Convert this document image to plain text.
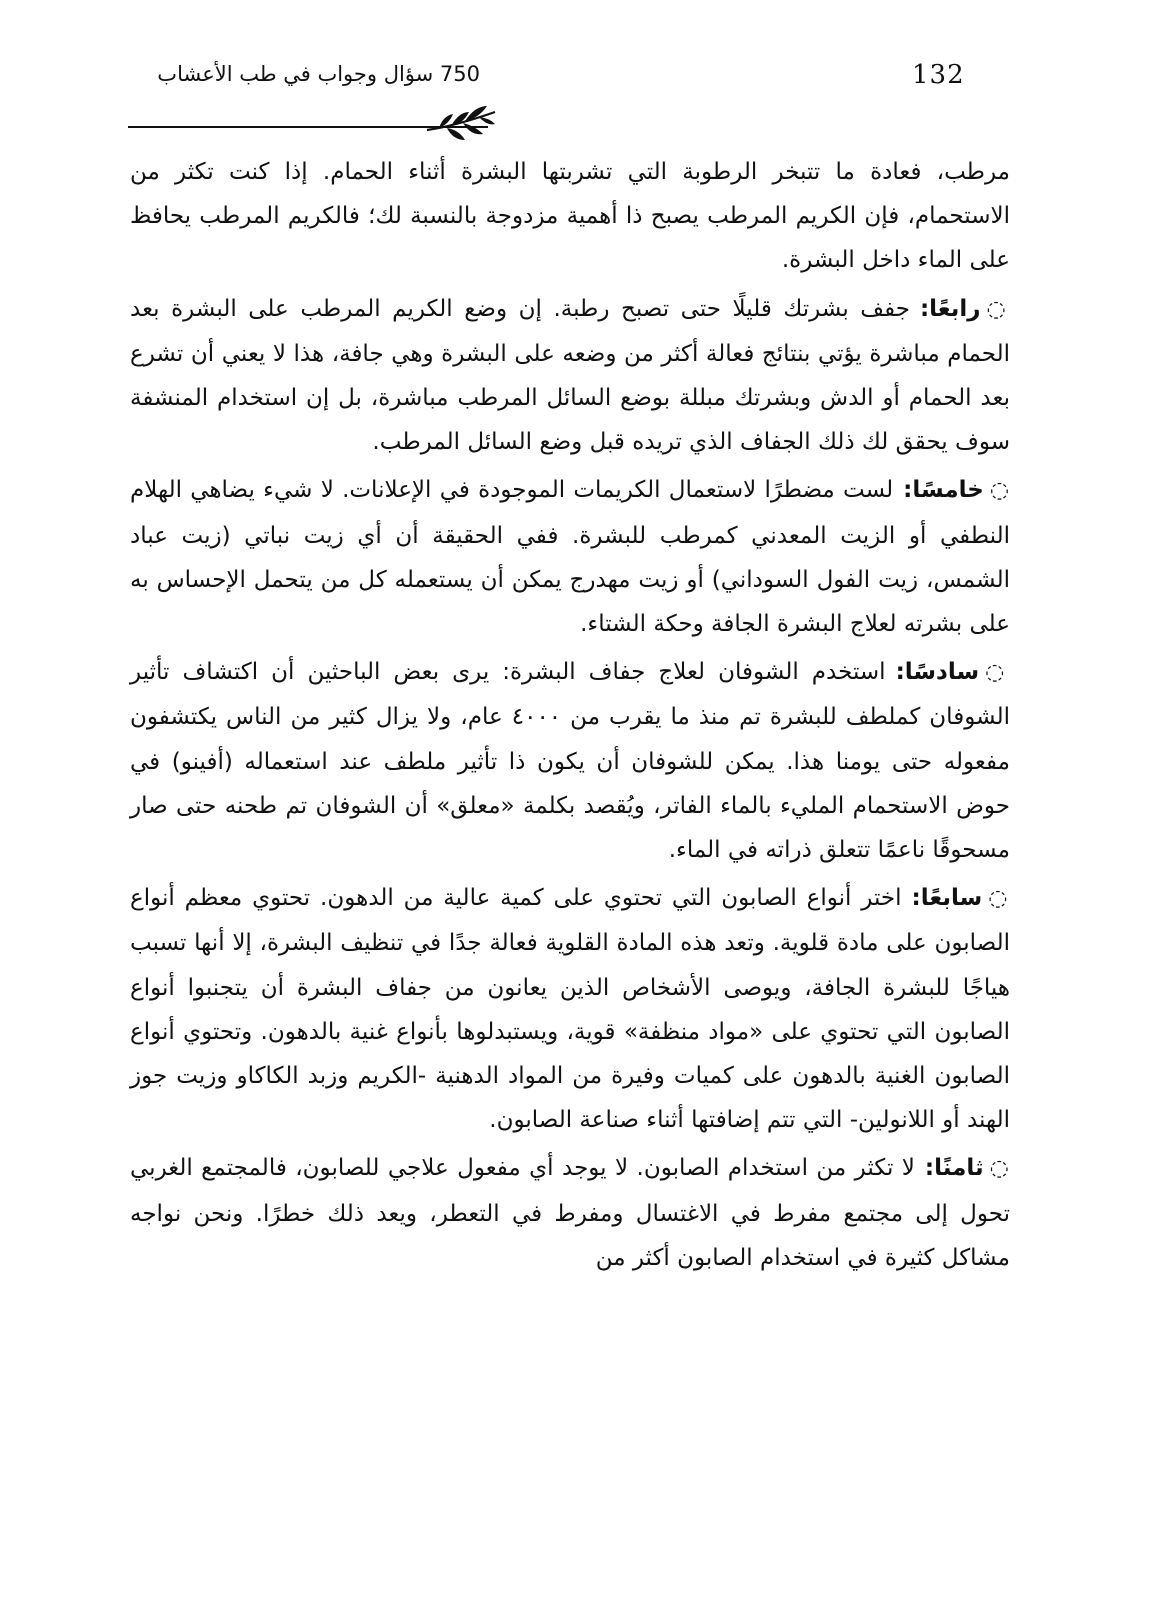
132
750 سؤال وجواب في طب الأعشاب

مرطب، فعادة ما تتبخر الرطوبة التي تشربتها البشرة أثناء الحمام. إذا كنت تكثر من الاستحمام، فإن الكريم المرطب يصبح ذا أهمية مزدوجة بالنسبة لك؛ فالكريم المرطب يحافظ على الماء داخل البشرة.

◌رابعًا:جفف بشرتك قليلًا حتى تصبح رطبة. إن وضع الكريم المرطب على البشرة بعد الحمام مباشرة يؤتي بنتائج فعالة أكثر من وضعه على البشرة وهي جافة، هذا لا يعني أن تشرع بعد الحمام أو الدش وبشرتك مبللة بوضع السائل المرطب مباشرة، بل إن استخدام المنشفة سوف يحقق لك ذلك الجفاف الذي تريده قبل وضع السائل المرطب.

◌خامسًا:لست مضطرًا لاستعمال الكريمات الموجودة في الإعلانات. لا شيء يضاهي الهلام النطفي أو الزيت المعدني كمرطب للبشرة. ففي الحقيقة أن أي زيت نباتي (زيت عباد الشمس، زيت الفول السوداني) أو زيت مهدرج يمكن أن يستعمله كل من يتحمل الإحساس به على بشرته لعلاج البشرة الجافة وحكة الشتاء.

◌سادسًا:استخدم الشوفان لعلاج جفاف البشرة: يرى بعض الباحثين أن اكتشاف تأثير الشوفان كملطف للبشرة تم منذ ما يقرب من ٤٠٠٠ عام، ولا يزال كثير من الناس يكتشفون مفعوله حتى يومنا هذا. يمكن للشوفان أن يكون ذا تأثير ملطف عند استعماله (أفينو) في حوض الاستحمام المليء بالماء الفاتر، ويُقصد بكلمة «معلق» أن الشوفان تم طحنه حتى صار مسحوقًا ناعمًا تتعلق ذراته في الماء.

◌سابعًا:اختر أنواع الصابون التي تحتوي على كمية عالية من الدهون. تحتوي معظم أنواع الصابون على مادة قلوية. وتعد هذه المادة القلوية فعالة جدًا في تنظيف البشرة، إلا أنها تسبب هياجًا للبشرة الجافة، ويوصى الأشخاص الذين يعانون من جفاف البشرة أن يتجنبوا أنواع الصابون التي تحتوي على «مواد منظفة» قوية، ويستبدلوها بأنواع غنية بالدهون. وتحتوي أنواع الصابون الغنية بالدهون على كميات وفيرة من المواد الدهنية -الكريم وزبد الكاكاو وزيت جوز الهند أو اللانولين- التي تتم إضافتها أثناء صناعة الصابون.

◌ثامنًا:لا تكثر من استخدام الصابون. لا يوجد أي مفعول علاجي للصابون، فالمجتمع الغربي تحول إلى مجتمع مفرط في الاغتسال ومفرط في التعطر، ويعد ذلك خطرًا. ونحن نواجه مشاكل كثيرة في استخدام الصابون أكثر من
